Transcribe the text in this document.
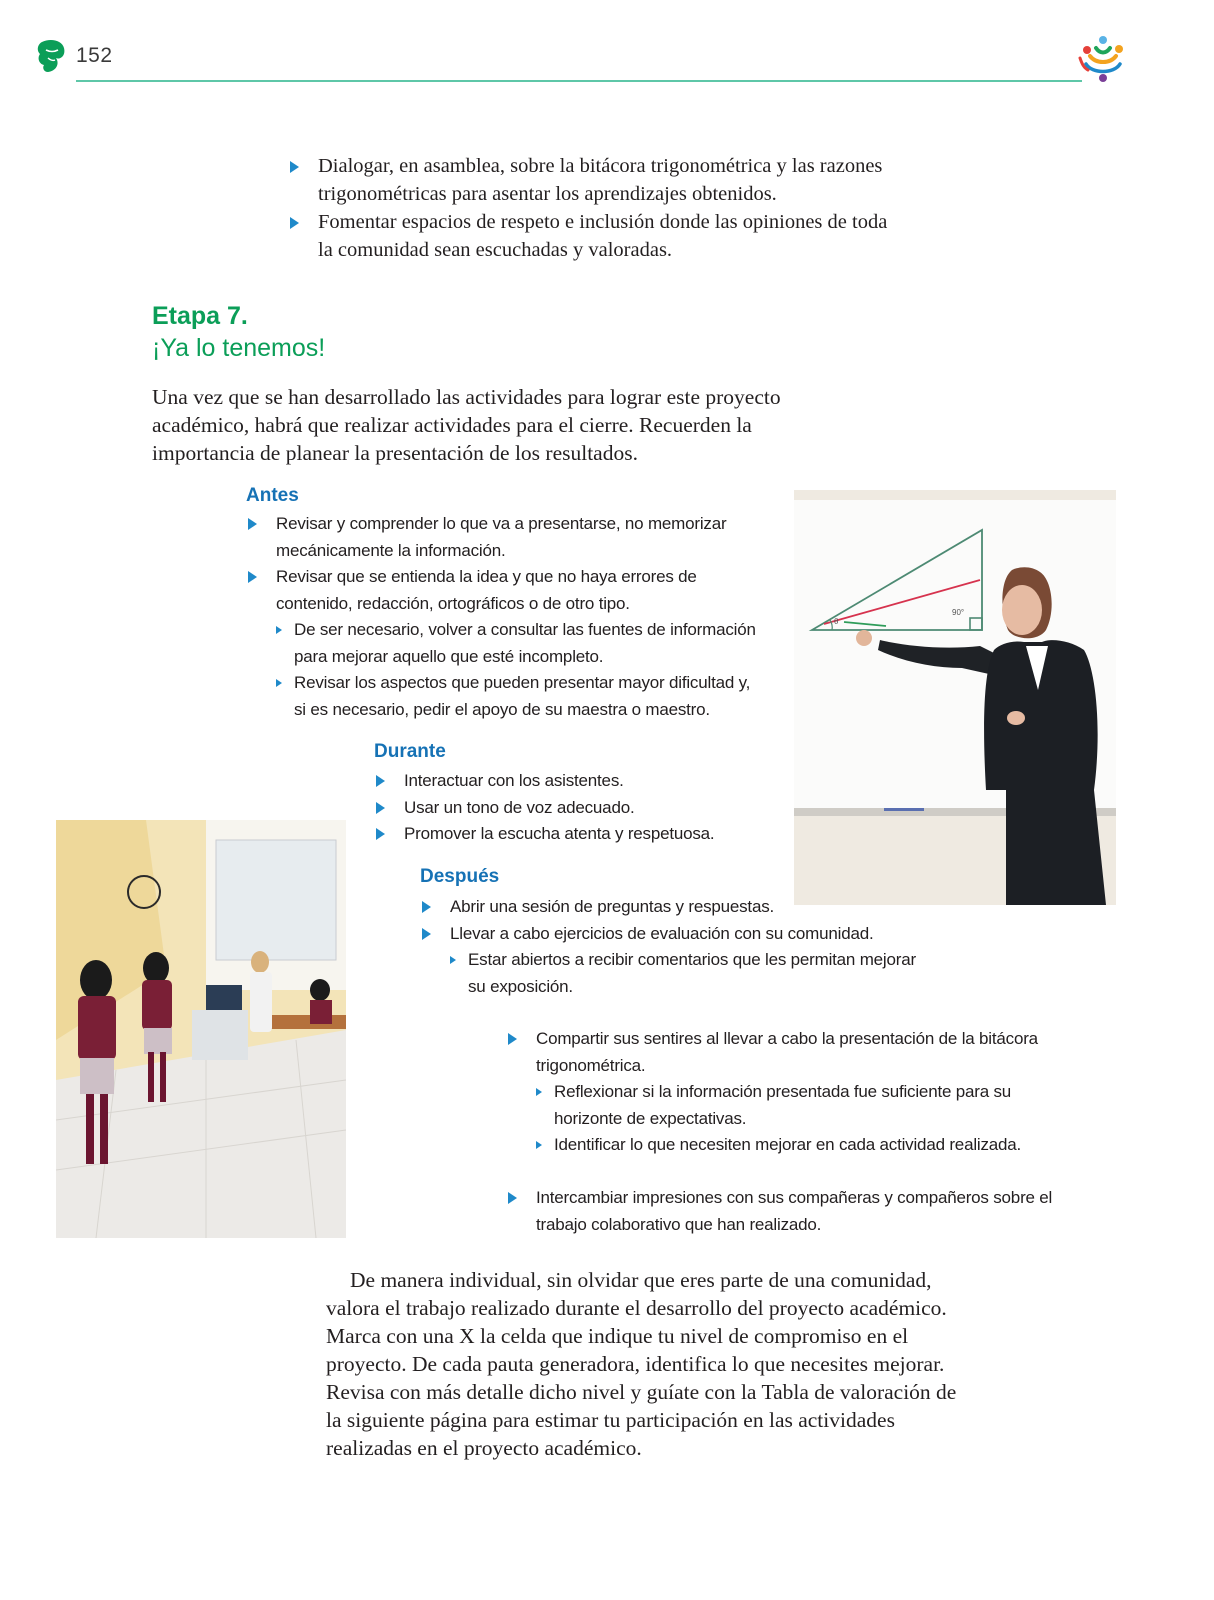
152
Dialogar, en asamblea, sobre la bitácora trigonométrica y las razones trigonométricas para asentar los aprendizajes obtenidos.
Fomentar espacios de respeto e inclusión donde las opiniones de toda la comunidad sean escuchadas y valoradas.
Etapa 7.
¡Ya lo tenemos!
Una vez que se han desarrollado las actividades para lograr este proyecto académico, habrá que realizar actividades para el cierre. Recuerden la importancia de planear la presentación de los resultados.
Antes
Revisar y comprender lo que va a presentarse, no memorizar mecánicamente la información.
Revisar que se entienda la idea y que no haya errores de contenido, redacción, ortográficos o de otro tipo.
De ser necesario, volver a consultar las fuentes de información para mejorar aquello que esté incompleto.
Revisar los aspectos que pueden presentar mayor dificultad y, si es necesario, pedir el apoyo de su maestra o maestro.
Durante
Interactuar con los asistentes.
Usar un tono de voz adecuado.
Promover la escucha atenta y respetuosa.
Después
Abrir una sesión de preguntas y respuestas.
Llevar a cabo ejercicios de evaluación con su comunidad.
Estar abiertos a recibir comentarios que les permitan mejorar su exposición.
Compartir sus sentires al llevar a cabo la presentación de la bitácora trigonométrica.
Reflexionar si la información presentada fue suficiente para su horizonte de expectativas.
Identificar lo que necesiten mejorar en cada actividad realizada.
Intercambiar impresiones con sus compañeras y compañeros sobre el trabajo colaborativo que han realizado.
De manera individual, sin olvidar que eres parte de una comunidad, valora el trabajo realizado durante el desarrollo del proyecto académico. Marca con una X la celda que indique tu nivel de compromiso en el proyecto. De cada pauta generadora, identifica lo que necesites mejorar. Revisa con más detalle dicho nivel y guíate con la Tabla de valoración de la siguiente página para estimar tu participación en las actividades realizadas en el proyecto académico.
θ
90°
